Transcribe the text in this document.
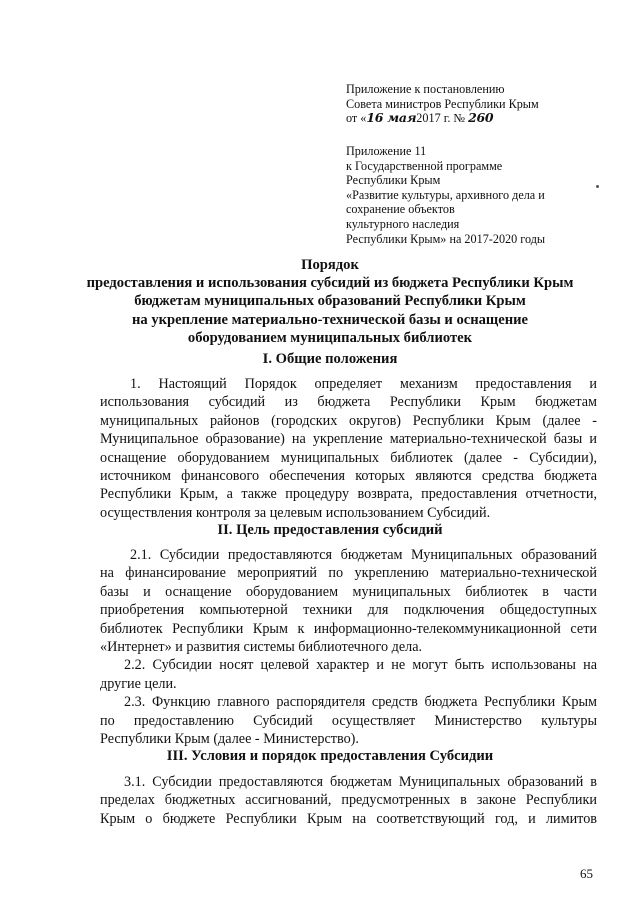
Приложение к постановлению
Совета министров Республики Крым
от «16 мая2017 г. № 260
Приложение 11
к Государственной программе
Республики Крым
«Развитие культуры, архивного дела и
сохранение объектов
культурного наследия
Республики Крым» на 2017-2020 годы
Порядок
предоставления и использования субсидий из бюджета Республики Крым
бюджетам муниципальных образований Республики Крым
на укрепление материально-технической базы и оснащение
оборудованием муниципальных библиотек
I. Общие положения
1. Настоящий Порядок определяет механизм предоставления и
использования субсидий из бюджета Республики Крым бюджетам
муниципальных районов (городских округов) Республики Крым (далее -
Муниципальное образование) на укрепление материально-технической базы и
оснащение оборудованием муниципальных библиотек (далее - Субсидии),
источником финансового обеспечения которых являются средства бюджета
Республики Крым, а также процедуру возврата, предоставления отчетности,
осуществления контроля за целевым использованием Субсидий.
II. Цель предоставления субсидий
2.1. Субсидии предоставляются бюджетам Муниципальных образований
на финансирование мероприятий по укреплению материально-технической
базы и оснащение оборудованием муниципальных библиотек в части
приобретения компьютерной техники для подключения общедоступных
библиотек Республики Крым к информационно-телекоммуникационной сети
«Интернет» и развития системы библиотечного дела.
2.2. Субсидии носят целевой характер и не могут быть использованы на
другие цели.
2.3. Функцию главного распорядителя средств бюджета Республики Крым
по предоставлению Субсидий осуществляет Министерство культуры
Республики Крым (далее - Министерство).
III. Условия и порядок предоставления Субсидии
3.1. Субсидии предоставляются бюджетам Муниципальных образований в
пределах бюджетных ассигнований, предусмотренных в законе Республики
Крым о бюджете Республики Крым на соответствующий год, и лимитов
65
